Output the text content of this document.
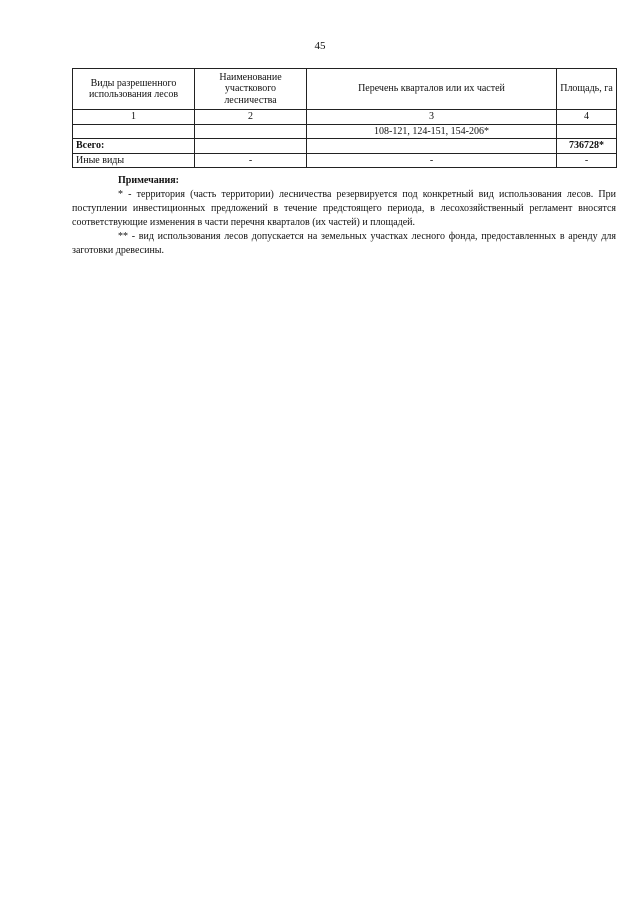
45
Виды разрешенного использования лесов	Наименование участкового лесничества	Перечень кварталов или их частей	Площадь, га
1	2	3	4
		108-121, 124-151, 154-206*	
Всего:			736728*
Иные виды	-	-	-
Примечания:

* - территория (часть территории) лесничества резервируется под конкретный вид использования лесов. При поступлении инвестиционных предложений в течение предстоящего периода, в лесохозяйственный регламент вносятся соответствующие изменения в части перечня кварталов (их частей) и площадей.

** - вид использования лесов допускается на земельных участках лесного фонда, предоставленных в аренду для заготовки древесины.
